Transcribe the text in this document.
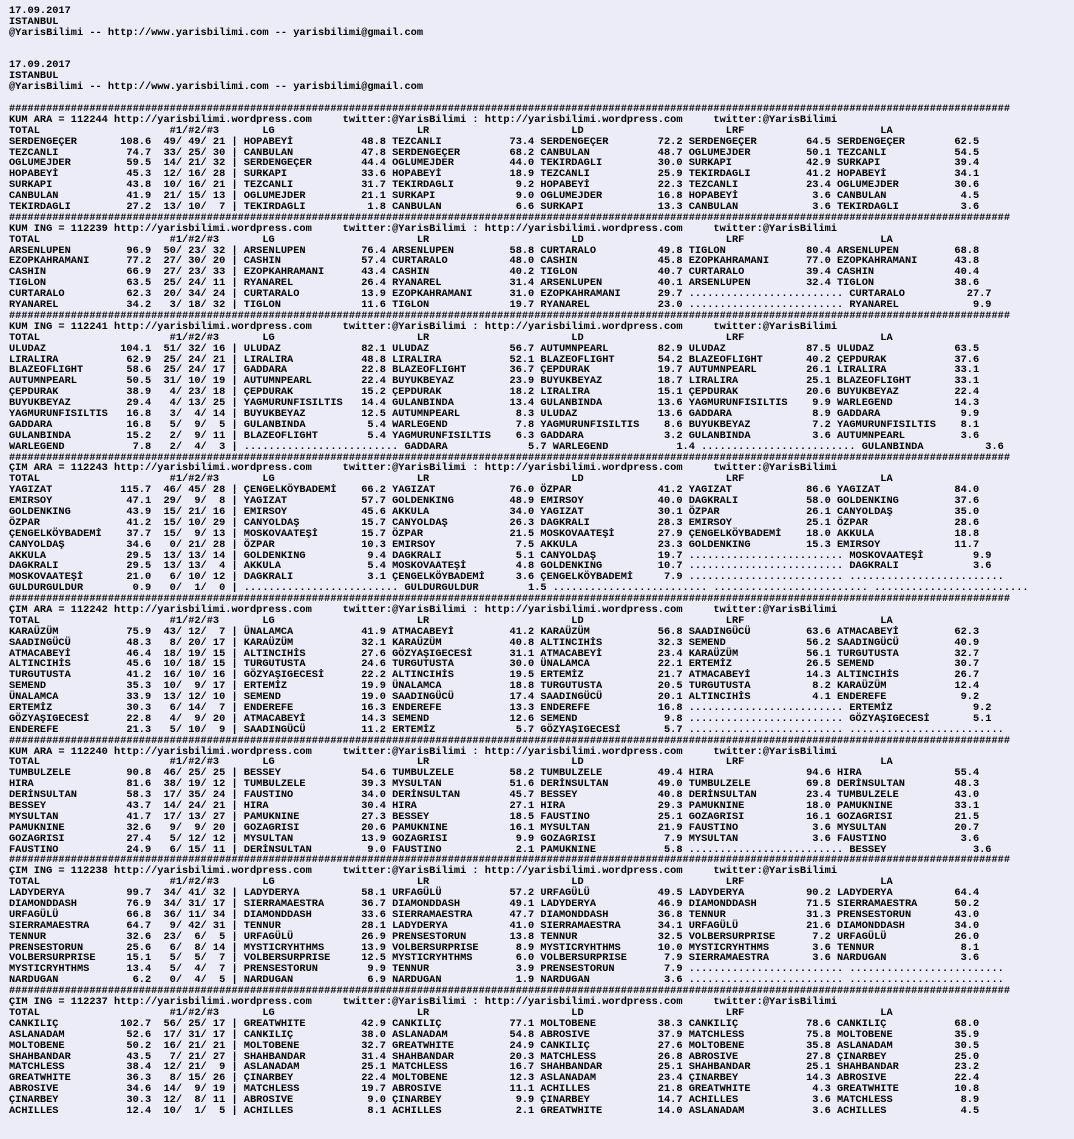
17.09.2017
ISTANBUL
@YarisBilimi -- http://www.yarisbilimi.com -- yarisbilimi@gmail.com

17.09.2017
ISTANBUL
@YarisBilimi -- http://www.yarisbilimi.com -- yarisbilimi@gmail.com

##################################################################################################################################################################
KUM ARA = 112244 http://yarisbilimi.wordpress.com     twitter:@YarisBilimi : http://yarisbilimi.wordpress.com     twitter:@YarisBilimi
TOTAL                     #1/#2/#3       LG                       LR                       LD                       LRF                      LA
SERDENGEÇER       108.6  49/ 49/ 21 | HOPABEYİ           48.8 TEZCANLI           73.4 SERDENGEÇER        72.2 SERDENGEÇER        64.5 SERDENGEÇER        62.5
TEZCANLI           74.7  33/ 25/ 30 | CANBULAN           47.8 SERDENGEÇER        68.2 CANBULAN           48.7 OGLUMEJDER         50.1 TEZCANLI           54.5
OGLUMEJDER         59.5  14/ 21/ 32 | SERDENGEÇER        44.4 OGLUMEJDER         44.0 TEKIRDAGLI         30.0 SURKAPI            42.9 SURKAPI            39.4
HOPABEYİ           45.3  12/ 16/ 28 | SURKAPI            33.6 HOPABEYİ           18.9 TEZCANLI           25.9 TEKIRDAGLI         41.2 HOPABEYİ           34.1
SURKAPI            43.8  10/ 16/ 21 | TEZCANLI           31.7 TEKIRDAGLI          9.2 HOPABEYİ           22.3 TEZCANLI           23.4 OGLUMEJDER         30.6
CANBULAN           41.9  21/ 15/ 13 | OGLUMEJDER         21.1 SURKAPI             9.0 OGLUMEJDER         16.8 HOPABEYİ            3.6 CANBULAN            4.5
TEKIRDAGLI         27.2  13/ 10/  7 | TEKIRDAGLI          1.8 CANBULAN            6.6 SURKAPI            13.3 CANBULAN            3.6 TEKIRDAGLI          3.6
##################################################################################################################################################################
KUM ING = 112239 http://yarisbilimi.wordpress.com     twitter:@YarisBilimi : http://yarisbilimi.wordpress.com     twitter:@YarisBilimi
TOTAL                     #1/#2/#3       LG                       LR                       LD                       LRF                      LA
ARSENLUPEN         96.9  50/ 23/ 32 | ARSENLUPEN         76.4 ARSENLUPEN         58.8 CURTARALO          49.8 TIGLON             80.4 ARSENLUPEN         68.8
EZOPKAHRAMANI      77.2  27/ 30/ 20 | CASHIN             57.4 CURTARALO          48.0 CASHIN             45.8 EZOPKAHRAMANI      77.0 EZOPKAHRAMANI      43.8
CASHIN             66.9  27/ 23/ 33 | EZOPKAHRAMANI      43.4 CASHIN             40.2 TIGLON             40.7 CURTARALO          39.4 CASHIN             40.4
TIGLON             63.5  25/ 24/ 11 | RYANAREL           26.4 RYANAREL           31.4 ARSENLUPEN         40.1 ARSENLUPEN         32.4 TIGLON             38.6
CURTARALO          62.3  20/ 34/ 24 | CURTARALO          13.9 EZOPKAHRAMANI      31.0 EZOPKAHRAMANI      29.7 ......................... CURTARALO          27.7
RYANAREL           34.2   3/ 18/ 32 | TIGLON             11.6 TIGLON             19.7 RYANAREL           23.0 ......................... RYANAREL            9.9
##################################################################################################################################################################
KUM ING = 112241 http://yarisbilimi.wordpress.com     twitter:@YarisBilimi : http://yarisbilimi.wordpress.com     twitter:@YarisBilimi
TOTAL                     #1/#2/#3       LG                       LR                       LD                       LRF                      LA
ULUDAZ            104.1  51/ 32/ 16 | ULUDAZ             82.1 ULUDAZ             56.7 AUTUMNPEARL        82.9 ULUDAZ             87.5 ULUDAZ             63.5
LIRALIRA           62.9  25/ 24/ 21 | LIRALIRA           48.8 LIRALIRA           52.1 BLAZEOFLIGHT       54.2 BLAZEOFLIGHT       40.2 ÇEPDURAK           37.6
BLAZEOFLIGHT       58.6  25/ 24/ 17 | GADDARA            22.8 BLAZEOFLIGHT       36.7 ÇEPDURAK           19.7 AUTUMNPEARL        26.1 LIRALIRA           33.1
AUTUMNPEARL        50.5  31/ 10/ 19 | AUTUMNPEARL        22.4 BUYUKBEYAZ         23.9 BUYUKBEYAZ         18.7 LIRALIRA           25.1 BLAZEOFLIGHT       33.1
ÇEPDURAK           38.9   4/ 23/ 18 | ÇEPDURAK           15.2 ÇEPDURAK           18.2 LIRALIRA           15.1 ÇEPDURAK           20.6 BUYUKBEYAZ         22.4
BUYUKBEYAZ         29.4   4/ 13/ 25 | YAGMURUNFISILTIS   14.4 GULANBINDA         13.4 GULANBINDA         13.6 YAGMURUNFISILTIS    9.9 WARLEGEND          14.3
YAGMURUNFISILTIS   16.8   3/  4/ 14 | BUYUKBEYAZ         12.5 AUTUMNPEARL         8.3 ULUDAZ             13.6 GADDARA             8.9 GADDARA             9.9
GADDARA            16.8   5/  9/  5 | GULANBINDA          5.4 WARLEGEND           7.8 YAGMURUNFISILTIS    8.6 BUYUKBEYAZ          7.2 YAGMURUNFISILTIS    8.1
GULANBINDA         15.2   2/  9/ 11 | BLAZEOFLIGHT        5.4 YAGMURUNFISILTIS    6.3 GADDARA             3.2 GULANBINDA          3.6 AUTUMNPEARL         3.6
WARLEGEND           7.8   2/  4/  3 | ......................... GADDARA             5.7 WARLEGEND           1.4 ......................... GULANBINDA          3.6
##################################################################################################################################################################
ÇIM ARA = 112243 http://yarisbilimi.wordpress.com     twitter:@YarisBilimi : http://yarisbilimi.wordpress.com     twitter:@YarisBilimi
TOTAL                     #1/#2/#3       LG                       LR                       LD                       LRF                      LA
YAGIZAT           115.7  46/ 45/ 28 | ÇENGELKÖYBADEMİ    66.2 YAGIZAT            76.0 ÖZPAR              41.2 YAGIZAT            86.6 YAGIZAT            84.0
EMIRSOY            47.1  29/  9/  8 | YAGIZAT            57.7 GOLDENKING         48.9 EMIRSOY            40.0 DAGKRALI           58.0 GOLDENKING         37.6
GOLDENKING         43.9  15/ 21/ 16 | EMIRSOY            45.6 AKKULA             34.0 YAGIZAT            30.1 ÖZPAR              26.1 CANYOLDAŞ          35.0
ÖZPAR              41.2  15/ 10/ 29 | CANYOLDAŞ          15.7 CANYOLDAŞ          26.3 DAGKRALI           28.3 EMIRSOY            25.1 ÖZPAR              28.6
ÇENGELKÖYBADEMİ    37.7  15/  9/ 13 | MOSKOVAATEŞİ       15.7 ÖZPAR              21.5 MOSKOVAATEŞİ       27.9 ÇENGELKÖYBADEMİ    18.0 AKKULA             18.8
CANYOLDAŞ          34.6   0/ 21/ 28 | ÖZPAR              10.3 EMIRSOY             7.5 AKKULA             23.3 GOLDENKING         15.3 EMIRSOY            11.7
AKKULA             29.5  13/ 13/ 14 | GOLDENKING          9.4 DAGKRALI            5.1 CANYOLDAŞ          19.7 ......................... MOSKOVAATEŞİ        9.9
DAGKRALI           29.5  13/ 13/  4 | AKKULA              5.4 MOSKOVAATEŞİ        4.8 GOLDENKING         10.7 ......................... DAGKRALI            3.6
MOSKOVAATEŞİ       21.0   6/ 10/ 12 | DAGKRALI            3.1 ÇENGELKÖYBADEMİ     3.6 ÇENGELKÖYBADEMİ     7.9 ......................... .........................
GULDURGULDUR        0.9   0/  1/  0 | ......................... GULDURGULDUR        1.5 ......................... ......................... .........................
##################################################################################################################################################################
ÇIM ARA = 112242 http://yarisbilimi.wordpress.com     twitter:@YarisBilimi : http://yarisbilimi.wordpress.com     twitter:@YarisBilimi
TOTAL                     #1/#2/#3       LG                       LR                       LD                       LRF                      LA
KARAÜZÜM           75.9  43/ 12/  7 | ÜNALAMCA           41.9 ATMACABEYİ         41.2 KARAÜZÜM           56.8 SAADINGÜCÜ         63.6 ATMACABEYİ         62.3
SAADINGÜCÜ         48.3   8/ 20/ 17 | KARAÜZÜM           32.1 KARAÜZÜM           40.8 ALTINCIHİS         32.3 SEMEND             56.2 SAADINGÜCÜ         40.9
ATMACABEYİ         46.4  18/ 19/ 15 | ALTINCIHİS         27.6 GÖZYAŞIGECESİ      31.1 ATMACABEYİ         23.4 KARAÜZÜM           56.1 TURGUTUSTA         32.7
ALTINCIHİS         45.6  10/ 18/ 15 | TURGUTUSTA         24.6 TURGUTUSTA         30.0 ÜNALAMCA           22.1 ERTEMİZ            26.5 SEMEND             30.7
TURGUTUSTA         41.2  16/ 10/ 16 | GÖZYAŞIGECESİ      22.2 ALTINCIHİS         19.5 ERTEMİZ            21.7 ATMACABEYİ         14.3 ALTINCIHİS         26.7
SEMEND             35.3  10/  9/ 17 | ERTEMİZ            19.9 ÜNALAMCA           18.8 TURGUTUSTA         20.5 TURGUTUSTA          8.2 KARAÜZÜM           12.4
ÜNALAMCA           33.9  13/ 12/ 10 | SEMEND             19.0 SAADINGÜCÜ         17.4 SAADINGÜCÜ         20.1 ALTINCIHİS          4.1 ENDEREFE            9.2
ERTEMİZ            30.3   6/ 14/  7 | ENDEREFE           16.3 ENDEREFE           13.3 ENDEREFE           16.8 ......................... ERTEMİZ             9.2
GÖZYAŞIGECESİ      22.8   4/  9/ 20 | ATMACABEYİ         14.3 SEMEND             12.6 SEMEND              9.8 ......................... GÖZYAŞIGECESİ       5.1
ENDEREFE           21.3   5/ 10/  9 | SAADINGÜCÜ         11.2 ERTEMİZ             5.7 GÖZYAŞIGECESİ       5.7 ......................... .........................
##################################################################################################################################################################
KUM ARA = 112240 http://yarisbilimi.wordpress.com     twitter:@YarisBilimi : http://yarisbilimi.wordpress.com     twitter:@YarisBilimi
TOTAL                     #1/#2/#3       LG                       LR                       LD                       LRF                      LA
TUMBULZELE         90.8  46/ 25/ 25 | BESSEY             54.6 TUMBULZELE         58.2 TUMBULZELE         49.4 HIRA               94.6 HIRA               55.4
HIRA               81.6  38/ 19/ 12 | TUMBULZELE         39.3 MYSULTAN           51.6 DERİNSULTAN        49.0 TUMBULZELE         69.8 DERİNSULTAN        48.3
DERİNSULTAN        58.3  17/ 35/ 24 | FAUSTINO           34.0 DERİNSULTAN        45.7 BESSEY             40.8 DERİNSULTAN        23.4 TUMBULZELE         43.0
BESSEY             43.7  14/ 24/ 21 | HIRA               30.4 HIRA               27.1 HIRA               29.3 PAMUKNINE          18.0 PAMUKNINE          33.1
MYSULTAN           41.7  17/ 13/ 27 | PAMUKNINE          27.3 BESSEY             18.5 FAUSTINO           25.1 GOZAGRISI          16.1 GOZAGRISI          21.5
PAMUKNINE          32.6   9/  9/ 20 | GOZAGRISI          20.6 PAMUKNINE          16.1 MYSULTAN           21.9 FAUSTINO            3.6 MYSULTAN           20.7
GOZAGRISI          27.4   5/ 12/ 12 | MYSULTAN           13.9 GOZAGRISI           9.9 GOZAGRISI           7.9 MYSULTAN            3.6 FAUSTINO            3.6
FAUSTINO           24.9   6/ 15/ 11 | DERİNSULTAN         9.0 FAUSTINO            2.1 PAMUKNINE           5.8 ......................... BESSEY              3.6
##################################################################################################################################################################
ÇIM ING = 112238 http://yarisbilimi.wordpress.com     twitter:@YarisBilimi : http://yarisbilimi.wordpress.com     twitter:@YarisBilimi
TOTAL                     #1/#2/#3       LG                       LR                       LD                       LRF                      LA
LADYDERYA          99.7  34/ 41/ 32 | LADYDERYA          58.1 URFAGÜLÜ           57.2 URFAGÜLÜ           49.5 LADYDERYA          90.2 LADYDERYA          64.4
DIAMONDDASH        76.9  34/ 31/ 17 | SIERRAMAESTRA      36.7 DIAMONDDASH        49.1 LADYDERYA          46.9 DIAMONDDASH        71.5 SIERRAMAESTRA      50.2
URFAGÜLÜ           66.8  36/ 11/ 34 | DIAMONDDASH        33.6 SIERRAMAESTRA      47.7 DIAMONDDASH        36.8 TENNUR             31.3 PRENSESTORUN       43.0
SIERRAMAESTRA      64.7   9/ 42/ 31 | TENNUR             28.1 LADYDERYA          41.0 SIERRAMAESTRA      34.1 URFAGÜLÜ           21.6 DIAMONDDASH        34.0
TENNUR             32.6  23/  6/  5 | URFAGÜLÜ           26.9 PRENSESTORUN       13.8 TENNUR             32.5 VOLBERSURPRISE      7.2 URFAGÜLÜ           26.0
PRENSESTORUN       25.6   6/  8/ 14 | MYSTICRYHTHMS      13.9 VOLBERSURPRISE      8.9 MYSTICRYHTHMS      10.0 MYSTICRYHTHMS       3.6 TENNUR              8.1
VOLBERSURPRISE     15.1   5/  5/  7 | VOLBERSURPRISE     12.5 MYSTICRYHTHMS       6.0 VOLBERSURPRISE      7.9 SIERRAMAESTRA       3.6 NARDUGAN            3.6
MYSTICRYHTHMS      13.4   5/  4/  7 | PRENSESTORUN        9.9 TENNUR              3.9 PRENSESTORUN        7.9 ......................... .........................
NARDUGAN            6.2   0/  4/  5 | NARDUGAN            6.9 NARDUGAN            1.9 NARDUGAN            3.6 ......................... .........................
##################################################################################################################################################################
ÇIM ING = 112237 http://yarisbilimi.wordpress.com     twitter:@YarisBilimi : http://yarisbilimi.wordpress.com     twitter:@YarisBilimi
TOTAL                     #1/#2/#3       LG                       LR                       LD                       LRF                      LA
CANKILIÇ          102.7  56/ 25/ 17 | GREATWHITE         42.9 CANKILIÇ           77.1 MOLTOBENE          38.3 CANKILIÇ           78.6 CANKILIÇ           68.0
ASLANADAM          52.6  17/ 31/ 17 | CANKILIÇ           38.0 ASLANADAM          54.8 ABROSIVE           37.9 MATCHLESS          75.8 MOLTOBENE          35.9
MOLTOBENE          50.2  16/ 21/ 21 | MOLTOBENE          32.7 GREATWHITE         24.9 CANKILIÇ           27.6 MOLTOBENE          35.8 ASLANADAM          30.5
SHAHBANDAR         43.5   7/ 21/ 27 | SHAHBANDAR         31.4 SHAHBANDAR         20.3 MATCHLESS          26.8 ABROSIVE           27.8 ÇINARBEY           25.0
MATCHLESS          38.4  12/ 21/  9 | ASLANADAM          25.1 MATCHLESS          16.7 SHAHBANDAR         25.1 SHAHBANDAR         25.1 SHAHBANDAR         23.2
GREATWHITE         36.3   8/ 15/ 26 | ÇINARBEY           22.4 MOLTOBENE          12.3 ASLANADAM          23.4 ÇINARBEY           14.3 ABROSIVE           22.4
ABROSIVE           34.6  14/  9/ 19 | MATCHLESS          19.7 ABROSIVE           11.1 ACHILLES           21.8 GREATWHITE          4.3 GREATWHITE         10.8
ÇINARBEY           30.3  12/  8/ 11 | ABROSIVE            9.0 ÇINARBEY            9.9 ÇINARBEY           14.7 ACHILLES            3.6 MATCHLESS           8.9
ACHILLES           12.4  10/  1/  5 | ACHILLES            8.1 ACHILLES            2.1 GREATWHITE         14.0 ASLANADAM           3.6 ACHILLES            4.5
